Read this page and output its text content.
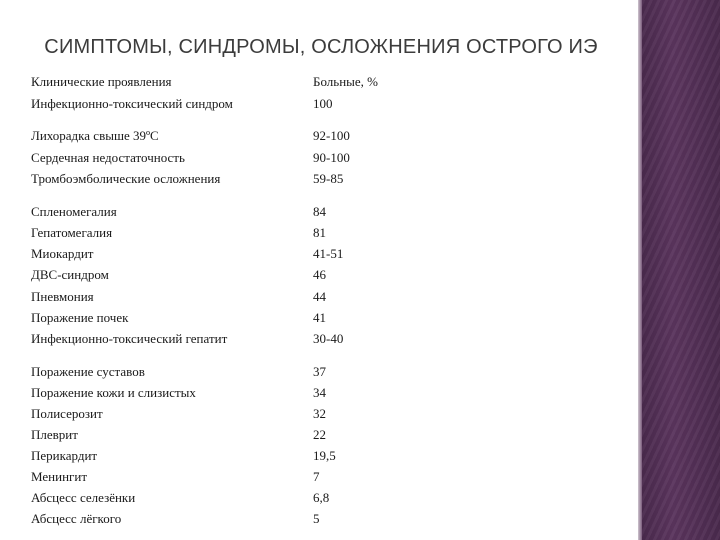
СИМПТОМЫ, СИНДРОМЫ, ОСЛОЖНЕНИЯ ОСТРОГО ИЭ
Клинические проявления	Больные, %
Инфекционно-токсический синдром	100
Лихорадка свыше 39ºС	92-100
Сердечная недостаточность	90-100
Тромбоэмболические осложнения	59-85
Спленомегалия	84
Гепатомегалия	81
Миокардит	41-51
ДВС-синдром	46
Пневмония	44
Поражение почек	41
Инфекционно-токсический гепатит	30-40
Поражение суставов	37
Поражение кожи и слизистых	34
Полисерозит	32
Плеврит	22
Перикардит	19,5
Менингит	7
Абсцесс селезёнки	6,8
Абсцесс лёгкого	5
